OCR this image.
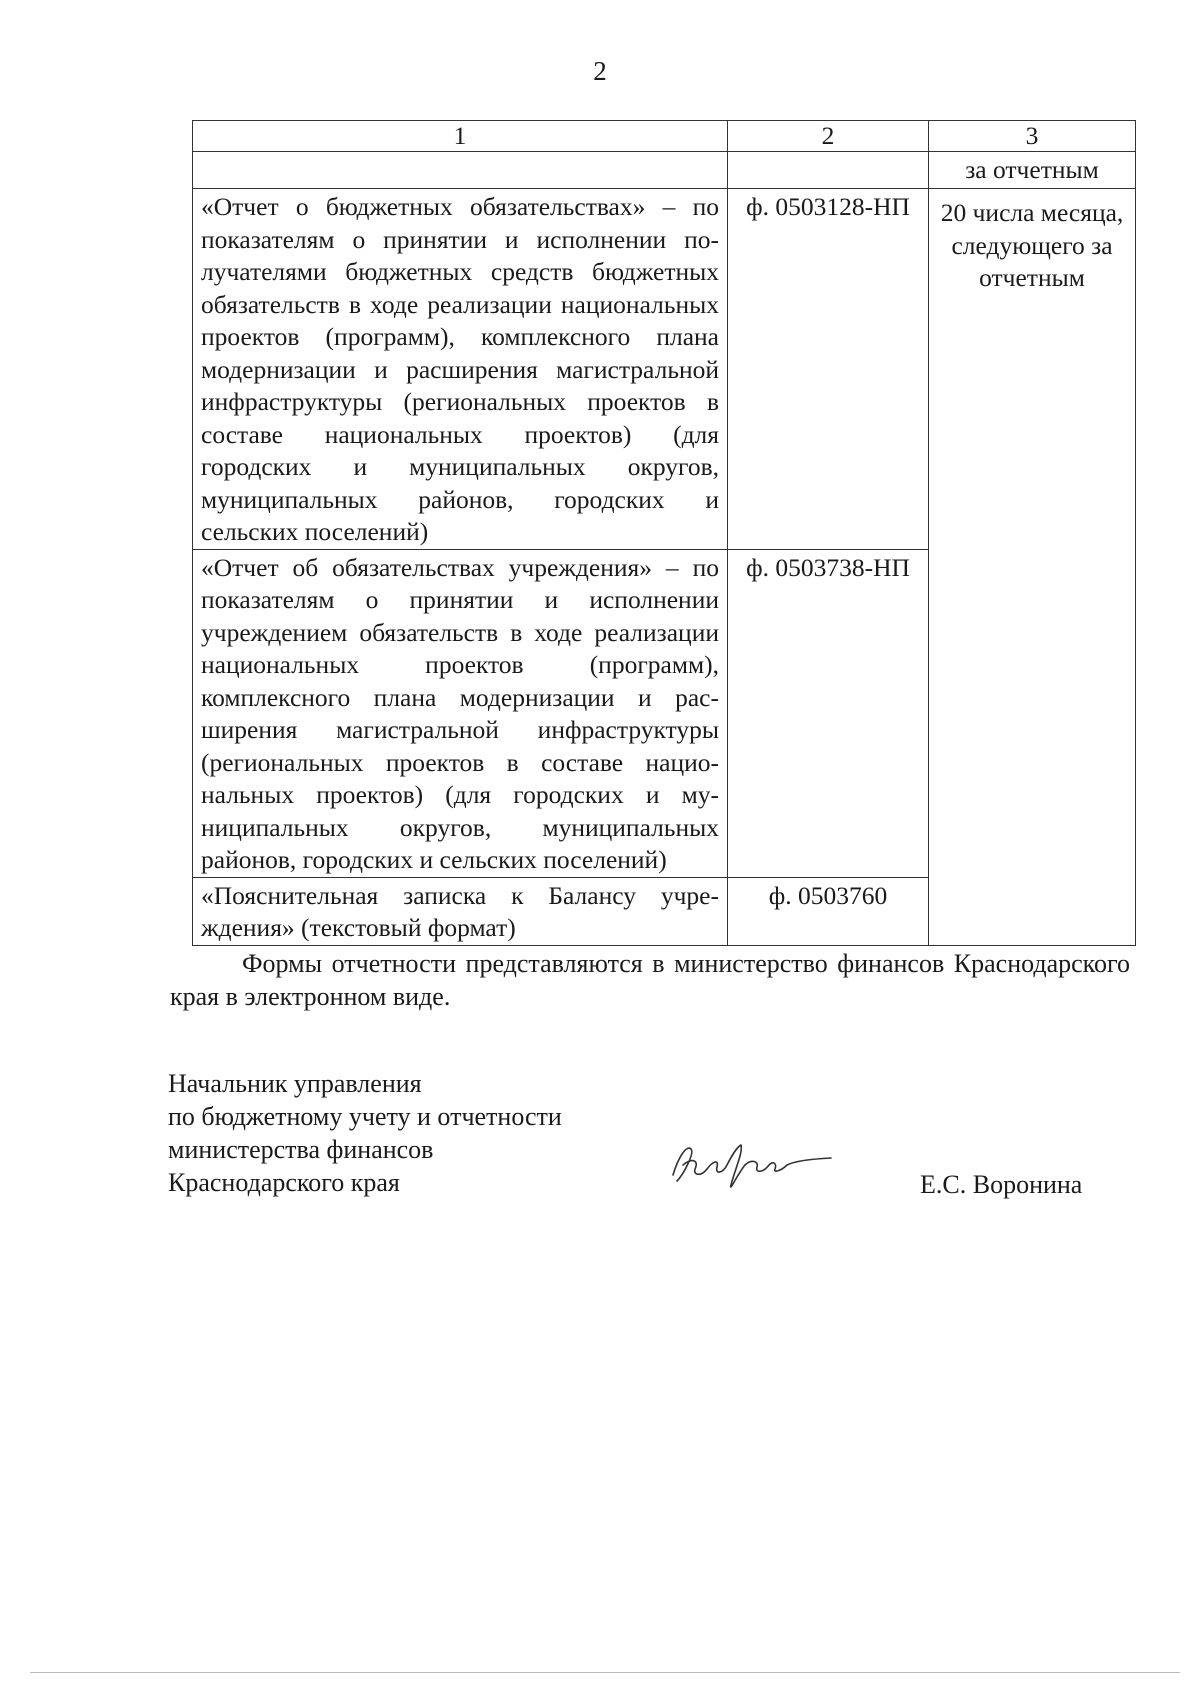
2
1	2	3
		за отчетным
«Отчет о бюджетных обязательствах» – по показателям о принятии и исполнении получателями бюджетных средств бюджетных обязательств в ходе реализации национальных проектов (программ), комплексного плана модернизации и расширения магистральной инфраструктуры (региональных проектов в составе национальных проектов) (для городских и муниципальных округов, муниципальных районов, городских и сельских поселений)	ф. 0503128-НП	20 числа месяца, следующего за отчетным
«Отчет об обязательствах учреждения» – по показателям о принятии и исполнении учреждением обязательств в ходе реализации национальных проектов (программ), комплексного плана модернизации и расширения магистральной инфраструктуры (региональных проектов в составе национальных проектов) (для городских и муниципальных округов, муниципальных районов, городских и сельских поселений)	ф. 0503738-НП	
«Пояснительная записка к Балансу учреждения» (текстовый формат)	ф. 0503760	
Формы отчетности представляются в министерство финансов Краснодарского края в электронном виде.
Начальник управления
по бюджетному учету и отчетности
министерства финансов
Краснодарского края	Е.С. Воронина
